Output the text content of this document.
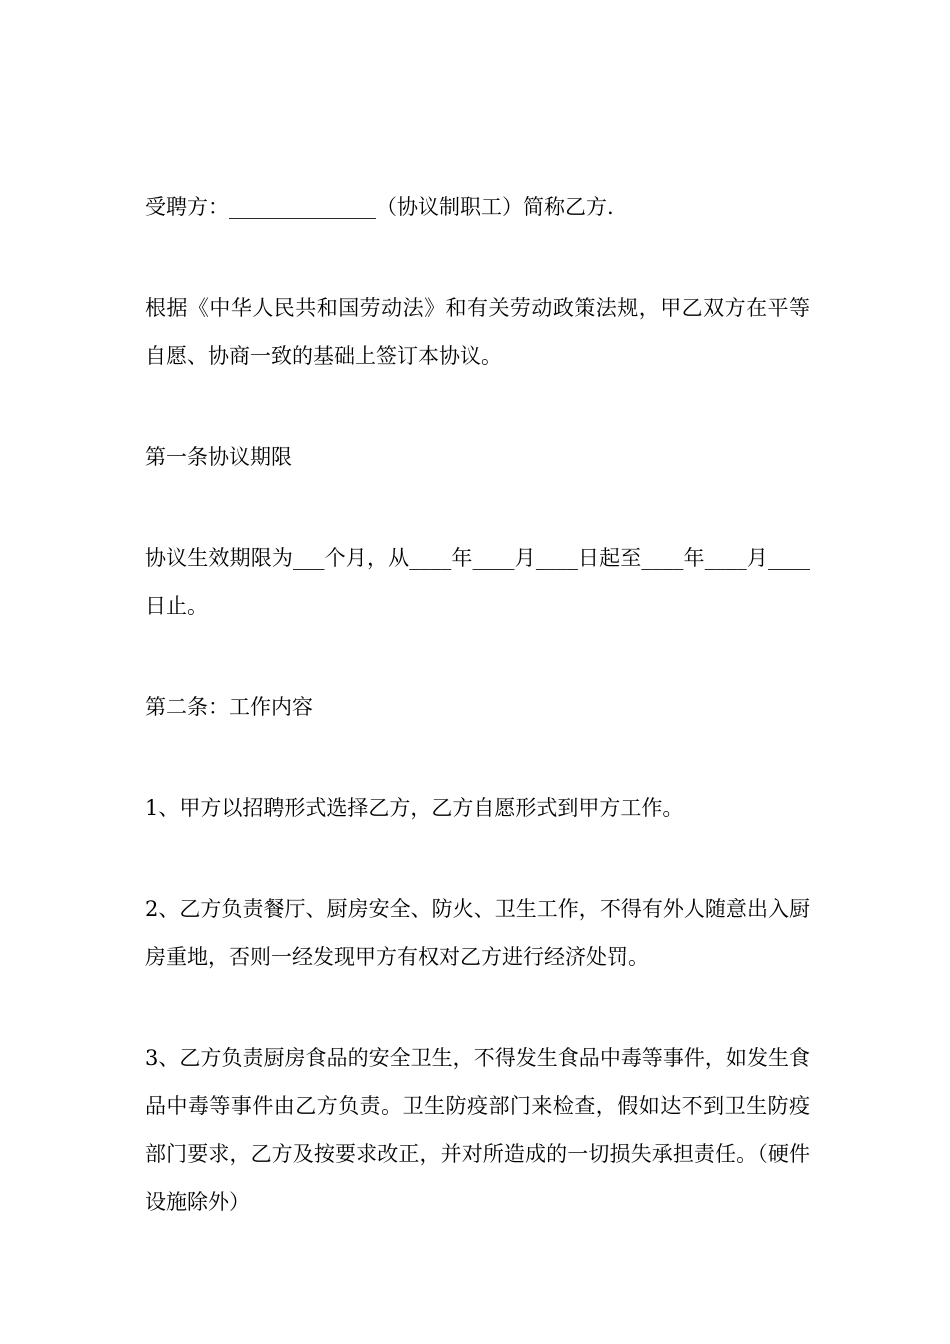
受聘方：______________（协议制职工）简称乙方.

根据《中华人民共和国劳动法》和有关劳动政策法规，甲乙双方在平等自愿、协商一致的基础上签订本协议。

第一条协议期限

协议生效期限为___个月，从____年____月____日起至____年____月____日止。

第二条：工作内容

1、甲方以招聘形式选择乙方，乙方自愿形式到甲方工作。

2、乙方负责餐厅、厨房安全、防火、卫生工作，不得有外人随意出入厨房重地，否则一经发现甲方有权对乙方进行经济处罚。

3、乙方负责厨房食品的安全卫生，不得发生食品中毒等事件，如发生食品中毒等事件由乙方负责。卫生防疫部门来检查，假如达不到卫生防疫部门要求，乙方及按要求改正，并对所造成的一切损失承担责任。（硬件设施除外）
